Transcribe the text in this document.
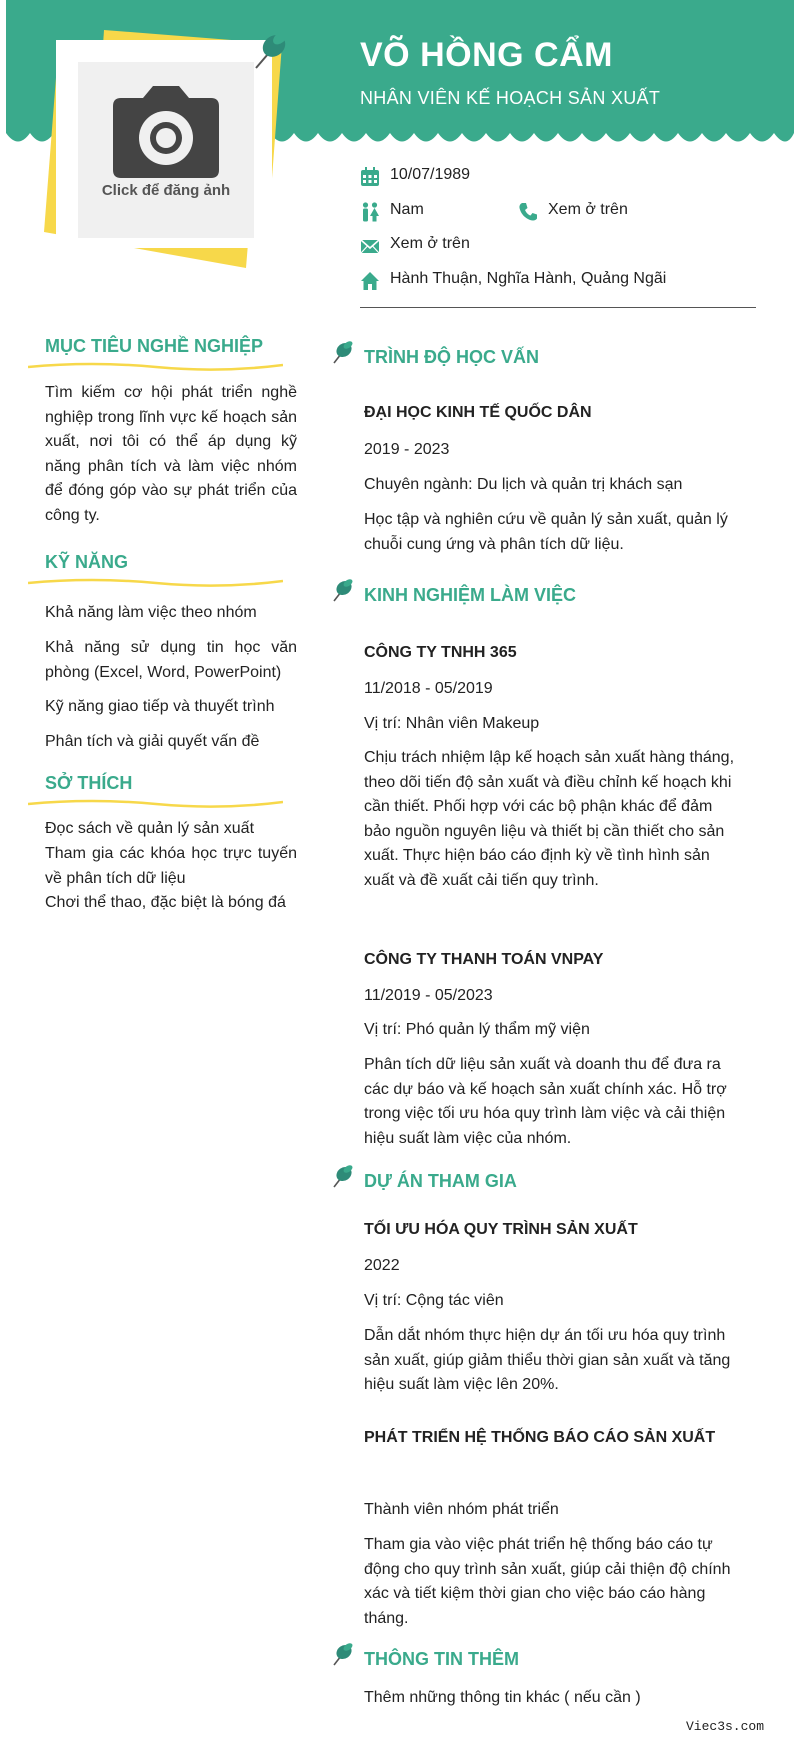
VÕ HỒNG CẨM
NHÂN VIÊN KẾ HOẠCH SẢN XUẤT
Click để đăng ảnh
10/07/1989
Nam	Xem ở trên
Xem ở trên
Hành Thuận, Nghĩa Hành, Quảng Ngãi
MỤC TIÊU NGHỀ NGHIỆP
Tìm kiếm cơ hội phát triển nghề nghiệp trong lĩnh vực kế hoạch sản xuất, nơi tôi có thể áp dụng kỹ năng phân tích và làm việc nhóm để đóng góp vào sự phát triển của công ty.
KỸ NĂNG
Khả năng làm việc theo nhóm
Khả năng sử dụng tin học văn phòng (Excel, Word, PowerPoint)
Kỹ năng giao tiếp và thuyết trình
Phân tích và giải quyết vấn đề
SỞ THÍCH
Đọc sách về quản lý sản xuất
Tham gia các khóa học trực tuyến về phân tích dữ liệu
Chơi thể thao, đặc biệt là bóng đá
TRÌNH ĐỘ HỌC VẤN
ĐẠI HỌC KINH TẾ QUỐC DÂN
2019 - 2023
Chuyên ngành: Du lịch và quản trị khách sạn
Học tập và nghiên cứu về quản lý sản xuất, quản lý chuỗi cung ứng và phân tích dữ liệu.
KINH NGHIỆM LÀM VIỆC
CÔNG TY TNHH 365
11/2018 - 05/2019
Vị trí: Nhân viên Makeup
Chịu trách nhiệm lập kế hoạch sản xuất hàng tháng, theo dõi tiến độ sản xuất và điều chỉnh kế hoạch khi cần thiết. Phối hợp với các bộ phận khác để đảm bảo nguồn nguyên liệu và thiết bị cần thiết cho sản xuất. Thực hiện báo cáo định kỳ về tình hình sản xuất và đề xuất cải tiến quy trình.
CÔNG TY THANH TOÁN VNPAY
11/2019 - 05/2023
Vị trí: Phó quản lý thẩm mỹ viện
Phân tích dữ liệu sản xuất và doanh thu để đưa ra các dự báo và kế hoạch sản xuất chính xác. Hỗ trợ trong việc tối ưu hóa quy trình làm việc và cải thiện hiệu suất làm việc của nhóm.
DỰ ÁN THAM GIA
TỐI ƯU HÓA QUY TRÌNH SẢN XUẤT
2022
Vị trí: Cộng tác viên
Dẫn dắt nhóm thực hiện dự án tối ưu hóa quy trình sản xuất, giúp giảm thiểu thời gian sản xuất và tăng hiệu suất làm việc lên 20%.
PHÁT TRIỂN HỆ THỐNG BÁO CÁO SẢN XUẤT
Thành viên nhóm phát triển
Tham gia vào việc phát triển hệ thống báo cáo tự động cho quy trình sản xuất, giúp cải thiện độ chính xác và tiết kiệm thời gian cho việc báo cáo hàng tháng.
THÔNG TIN THÊM
Thêm những thông tin khác ( nếu cần )
Viec3s.com
